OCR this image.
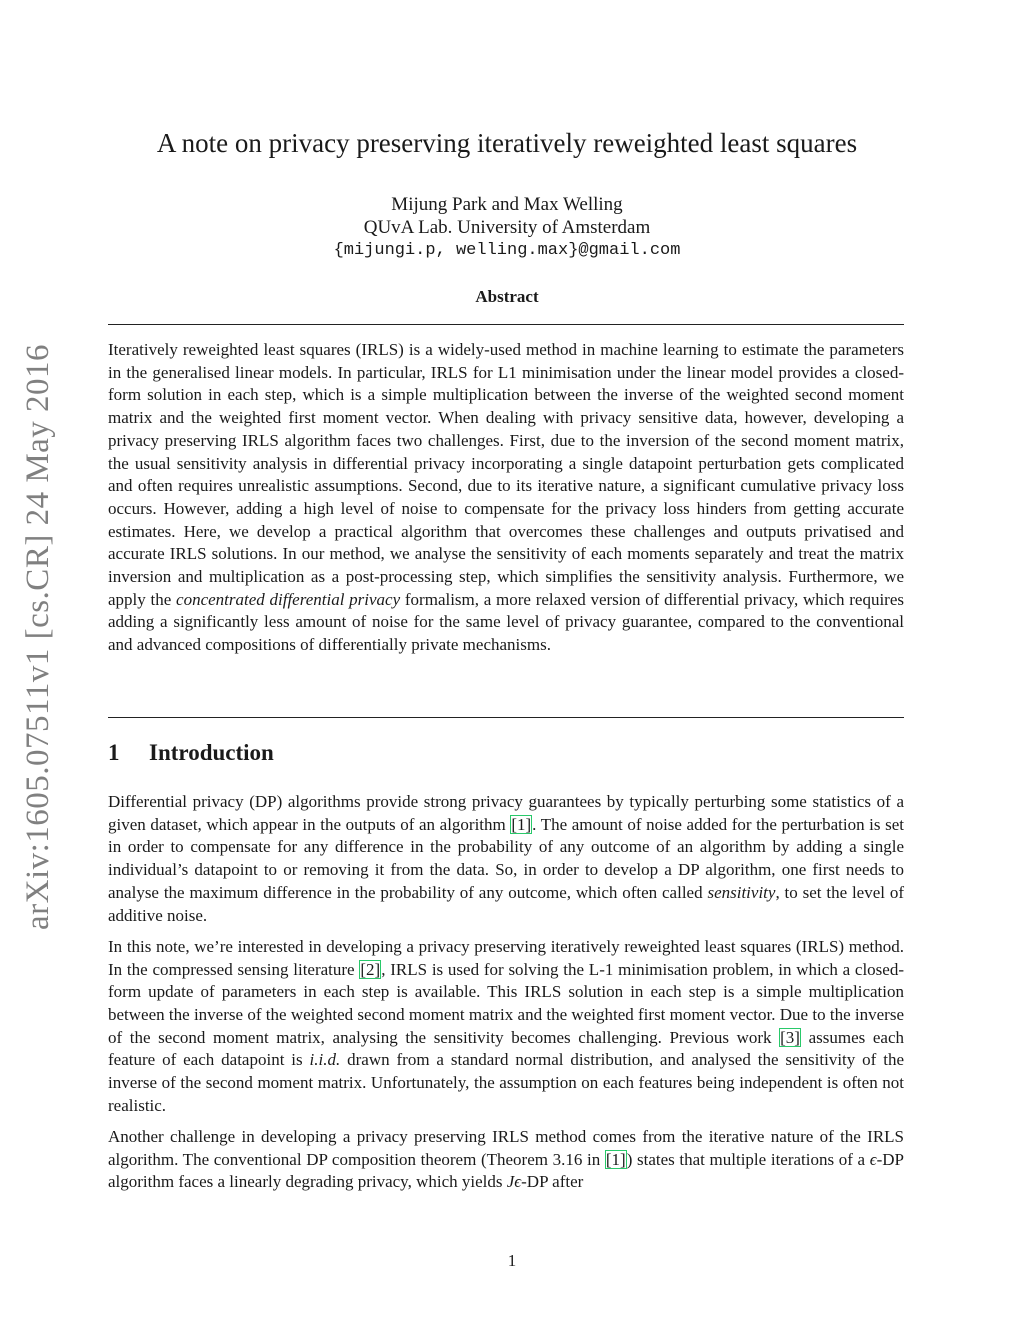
arXiv:1605.07511v1 [cs.CR] 24 May 2016
A note on privacy preserving iteratively reweighted least squares
Mijung Park and Max Welling
QUvA Lab. University of Amsterdam
{mijungi.p, welling.max}@gmail.com
Abstract

Iteratively reweighted least squares (IRLS) is a widely-used method in machine learning to estimate the parameters in the generalised linear models. In particular, IRLS for L1 minimisation under the linear model provides a closed-form solution in each step, which is a simple multiplication between the inverse of the weighted second moment matrix and the weighted first moment vector. When dealing with privacy sensitive data, however, developing a privacy preserving IRLS algorithm faces two challenges. First, due to the inversion of the second moment matrix, the usual sensitivity analysis in differential privacy incorporating a single datapoint perturbation gets complicated and often requires unrealistic assumptions. Second, due to its iterative nature, a significant cumulative privacy loss occurs. However, adding a high level of noise to compensate for the privacy loss hinders from getting accurate estimates. Here, we develop a practical algorithm that overcomes these challenges and outputs privatised and accurate IRLS solutions. In our method, we analyse the sensitivity of each moments separately and treat the matrix inversion and multiplication as a post-processing step, which simplifies the sensitivity analysis. Furthermore, we apply the concentrated differential privacy formalism, a more relaxed version of differential privacy, which requires adding a significantly less amount of noise for the same level of privacy guarantee, compared to the conventional and advanced compositions of differentially private mechanisms.

1 Introduction

Differential privacy (DP) algorithms provide strong privacy guarantees by typically perturbing some statistics of a given dataset, which appear in the outputs of an algorithm [1]. The amount of noise added for the perturbation is set in order to compensate for any difference in the probability of any outcome of an algorithm by adding a single individual’s datapoint to or removing it from the data. So, in order to develop a DP algorithm, one first needs to analyse the maximum difference in the probability of any outcome, which often called sensitivity, to set the level of additive noise.

In this note, we’re interested in developing a privacy preserving iteratively reweighted least squares (IRLS) method. In the compressed sensing literature [2], IRLS is used for solving the L-1 minimisation problem, in which a closed-form update of parameters in each step is available. This IRLS solution in each step is a simple multiplication between the inverse of the weighted second moment matrix and the weighted first moment vector. Due to the inverse of the second moment matrix, analysing the sensitivity becomes challenging. Previous work [3] assumes each feature of each datapoint is i.i.d. drawn from a standard normal distribution, and analysed the sensitivity of the inverse of the second moment matrix. Unfortunately, the assumption on each features being independent is often not realistic.

Another challenge in developing a privacy preserving IRLS method comes from the iterative nature of the IRLS algorithm. The conventional DP composition theorem (Theorem 3.16 in [1]) states that multiple iterations of a ϵ-DP algorithm faces a linearly degrading privacy, which yields Jϵ-DP after

1
